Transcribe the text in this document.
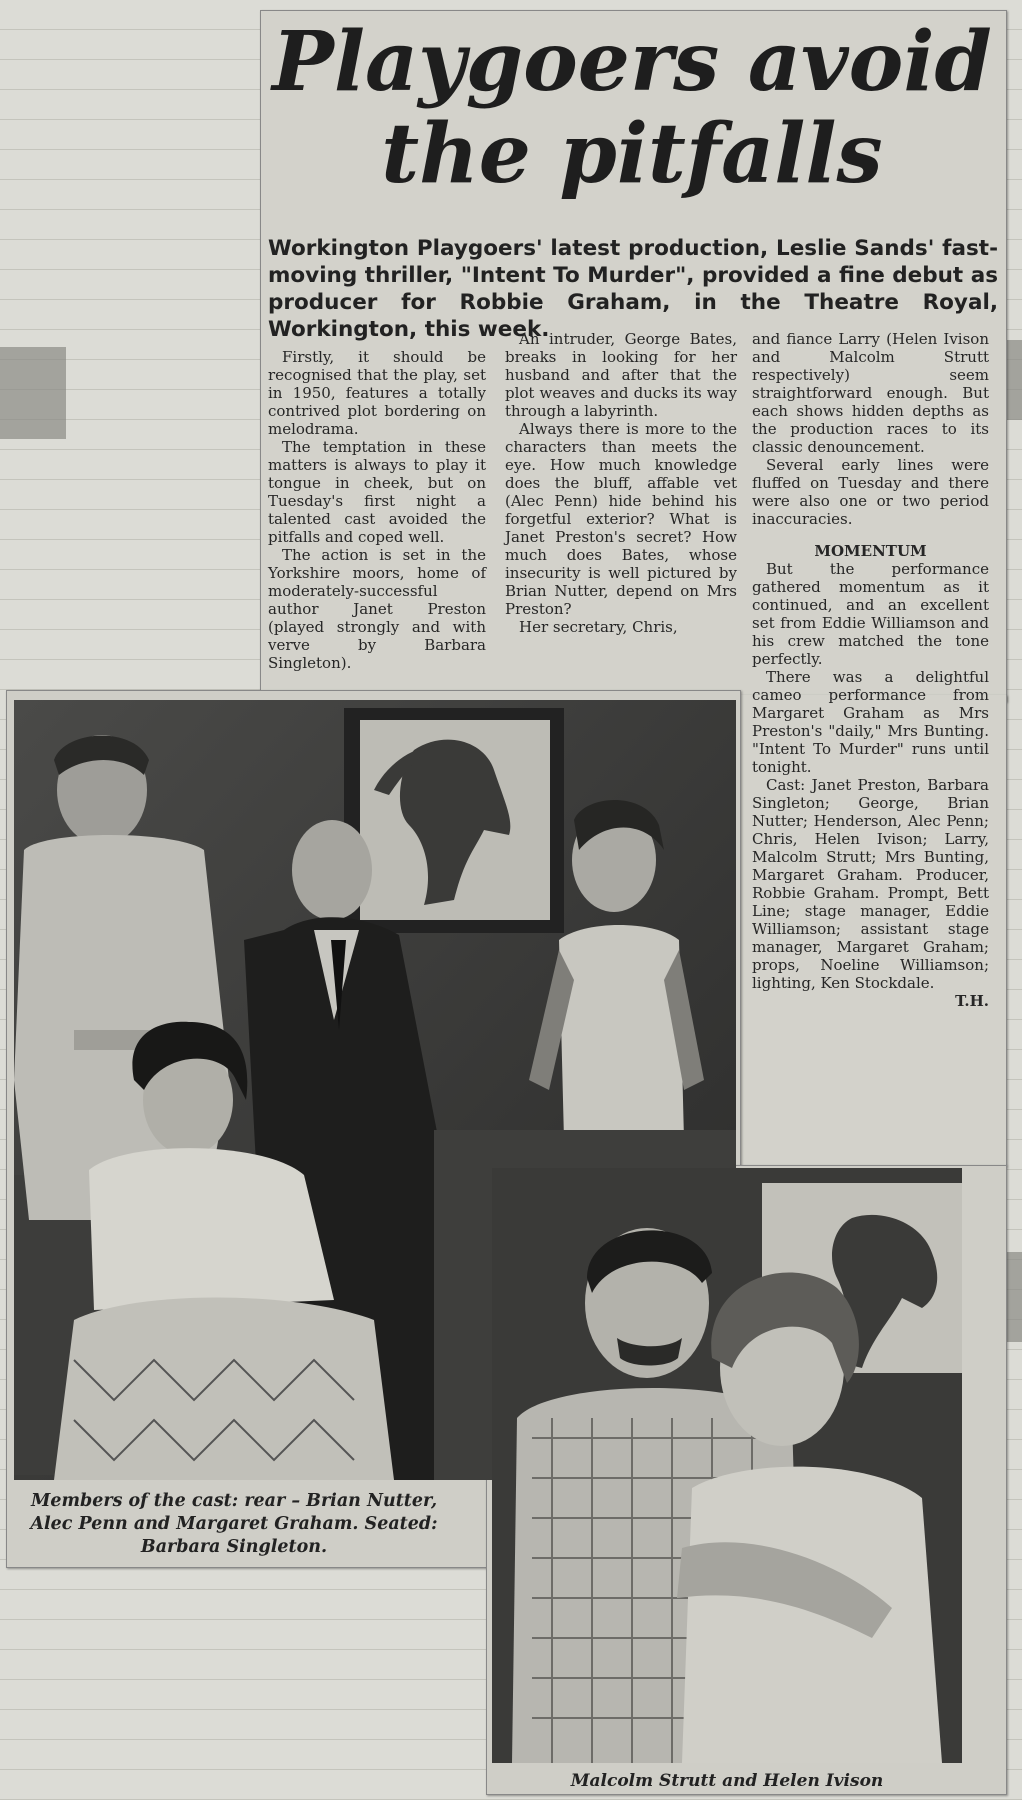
Playgoers avoid
the pitfalls

Workington Playgoers' latest production, Leslie Sands' fast-moving thriller, "Intent To Murder", provided a fine debut as producer for Robbie Graham, in the Theatre Royal, Workington, this week.

Firstly, it should be recognised that the play, set in 1950, features a totally contrived plot bordering on melodrama.

The temptation in these matters is always to play it tongue in cheek, but on Tuesday's first night a talented cast avoided the pitfalls and coped well.

The action is set in the Yorkshire moors, home of moderately-successful author Janet Preston (played strongly and with verve by Barbara Singleton).

An intruder, George Bates, breaks in looking for her husband and after that the plot weaves and ducks its way through a labyrinth.

Always there is more to the characters than meets the eye. How much knowledge does the bluff, affable vet (Alec Penn) hide behind his forgetful exterior? What is Janet Preston's secret? How much does Bates, whose insecurity is well pictured by Brian Nutter, depend on Mrs Preston?

Her secretary, Chris,

and fiance Larry (Helen Ivison and Malcolm Strutt respectively) seem straightforward enough. But each shows hidden depths as the production races to its classic denouncement.

Several early lines were fluffed on Tuesday and there were also one or two period inaccuracies.

MOMENTUM

But the performance gathered momentum as it continued, and an excellent set from Eddie Williamson and his crew matched the tone perfectly.

There was a delightful cameo performance from Margaret Graham as Mrs Preston's "daily," Mrs Bunting. "Intent To Murder" runs until tonight.

Cast: Janet Preston, Barbara Singleton; George, Brian Nutter; Henderson, Alec Penn; Chris, Helen Ivison; Larry, Malcolm Strutt; Mrs Bunting, Margaret Graham. Producer, Robbie Graham. Prompt, Bett Line; stage manager, Eddie Williamson; assistant stage manager, Margaret Graham; props, Noeline Williamson; lighting, Ken Stockdale.

T.H.

Members of the cast: rear – Brian Nutter, Alec Penn and Margaret Graham. Seated: Barbara Singleton.

Malcolm Strutt and Helen Ivison
